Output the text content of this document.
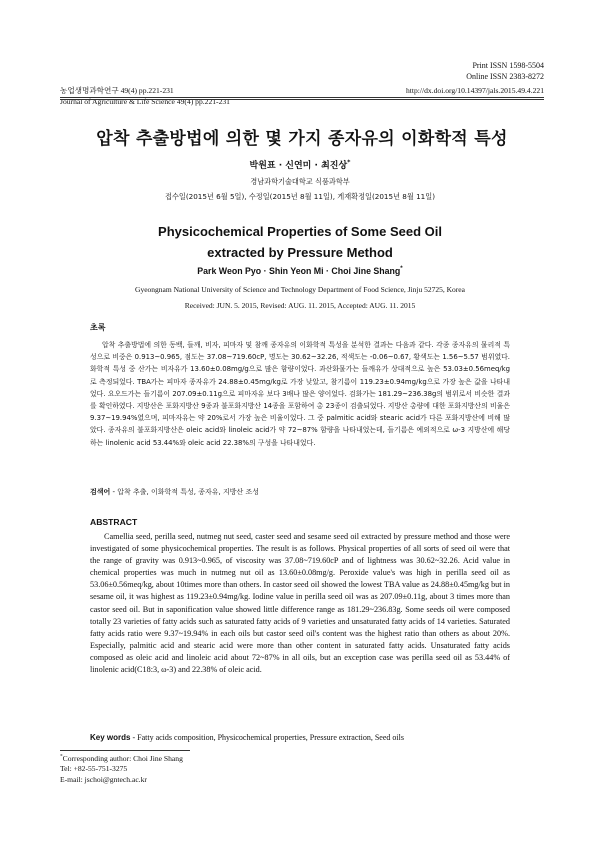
Print ISSN 1598-5504
Online ISSN 2383-8272
농업생명과학연구 49(4) pp.221-231
Journal of Agriculture & Life Science 49(4) pp.221-231
http://dx.doi.org/10.14397/jals.2015.49.4.221
압착 추출방법에 의한 몇 가지 종자유의 이화학적 특성
박원표 · 신연미 · 최진상*
경남과학기술대학교 식품과학부
접수일(2015년 6월 5일), 수정일(2015년 8월 11일), 게재확정일(2015년 8월 11일)
Physicochemical Properties of Some Seed Oil
extracted by Pressure Method
Park Weon Pyo · Shin Yeon Mi · Choi Jine Shang*
Gyeongnam National University of Science and Technology Department of Food Science, Jinju 52725, Korea
Received: JUN. 5. 2015, Revised: AUG. 11. 2015, Accepted: AUG. 11. 2015
초록
압착 추출방법에 의한 동백, 들깨, 비자, 피마자 및 참깨 종자유의 이화학적 특성을 분석한 결과는 다음과 같다. 각종 종자유의 물리적 특성으로 비중은 0.913~0.965, 점도는 37.08~719.60cP, 명도는 30.62~32.26, 적색도는 -0.06~0.67, 황색도는 1.56~5.57 범위였다. 화학적 특성 중 산가는 비자유가 13.60±0.08mg/g으로 많은 함량이었다. 과산화물가는 들깨유가 상대적으로 높은 53.03±0.56meq/kg로 측정되었다. TBA가는 피마자 종자유가 24.88±0.45mg/kg로 가장 낮았고, 참기름이 119.23±0.94mg/kg으로 가장 높은 값을 나타내었다. 요오드가는 들기름이 207.09±0.11g으로 피마자유 보다 3배나 많은 양이었다. 검화가는 181.29~236.38g의 범위로서 비슷한 결과를 확인하였다. 지방산은 포화지방산 9종과 불포화지방산 14종을 포함하여 총 23종이 검출되었다. 지방산 총량에 대한 포화지방산의 비율은 9.37~19.94%였으며, 피마자유는 약 20%로서 가장 높은 비율이었다. 그 중 palmitic acid와 stearic acid가 다른 포화지방산에 비해 많았다. 종자유의 불포화지방산은 oleic acid와 linoleic acid가 약 72~87% 함량을 나타내었는데, 들기름은 예외적으로 ω-3 지방산에 해당하는 linolenic acid 53.44%와 oleic acid 22.38%의 구성을 나타내었다.
검색어 - 압착 추출, 이화학적 특성, 종자유, 지방산 조성
ABSTRACT
Camellia seed, perilla seed, nutmeg nut seed, caster seed and sesame seed oil extracted by pressure method and those were investigated of some physicochemical properties. The result is as follows. Physical properties of all sorts of seed oil were that the range of gravity was 0.913~0.965, of viscosity was 37.08~719.60cP and of lightness was 30.62~32.26. Acid value in chemical properties was much in nutmeg nut oil as 13.60±0.08mg/g. Peroxide value's was high in perilla seed oil as 53.06±0.56meq/kg, about 10times more than others. In castor seed oil showed the lowest TBA value as 24.88±0.45mg/kg but in sesame oil, it was highest as 119.23±0.94mg/kg. Iodine value in perilla seed oil was as 207.09±0.11g, about 3 times more than castor seed oil. But in saponification value showed little difference range as 181.29~236.83g. Some seeds oil were composed totally 23 varieties of fatty acids such as saturated fatty acids of 9 varieties and unsaturated fatty acids of 14 varieties. Saturated fatty acids ratio were 9.37~19.94% in each oils but castor seed oil's content was the highest ratio than others as about 20%. Especially, palmitic acid and stearic acid were more than other content in saturated fatty acids. Unsaturated fatty acids composed as oleic acid and linoleic acid about 72~87% in all oils, but an exception case was perilla seed oil as 53.44% of linolenic acid(C18:3, ω-3) and 22.38% of oleic acid.
Key words - Fatty acids composition, Physicochemical properties, Pressure extraction, Seed oils
*Corresponding author: Choi Jine Shang
Tel: +82-55-751-3275
E-mail: jschoi@gntech.ac.kr
